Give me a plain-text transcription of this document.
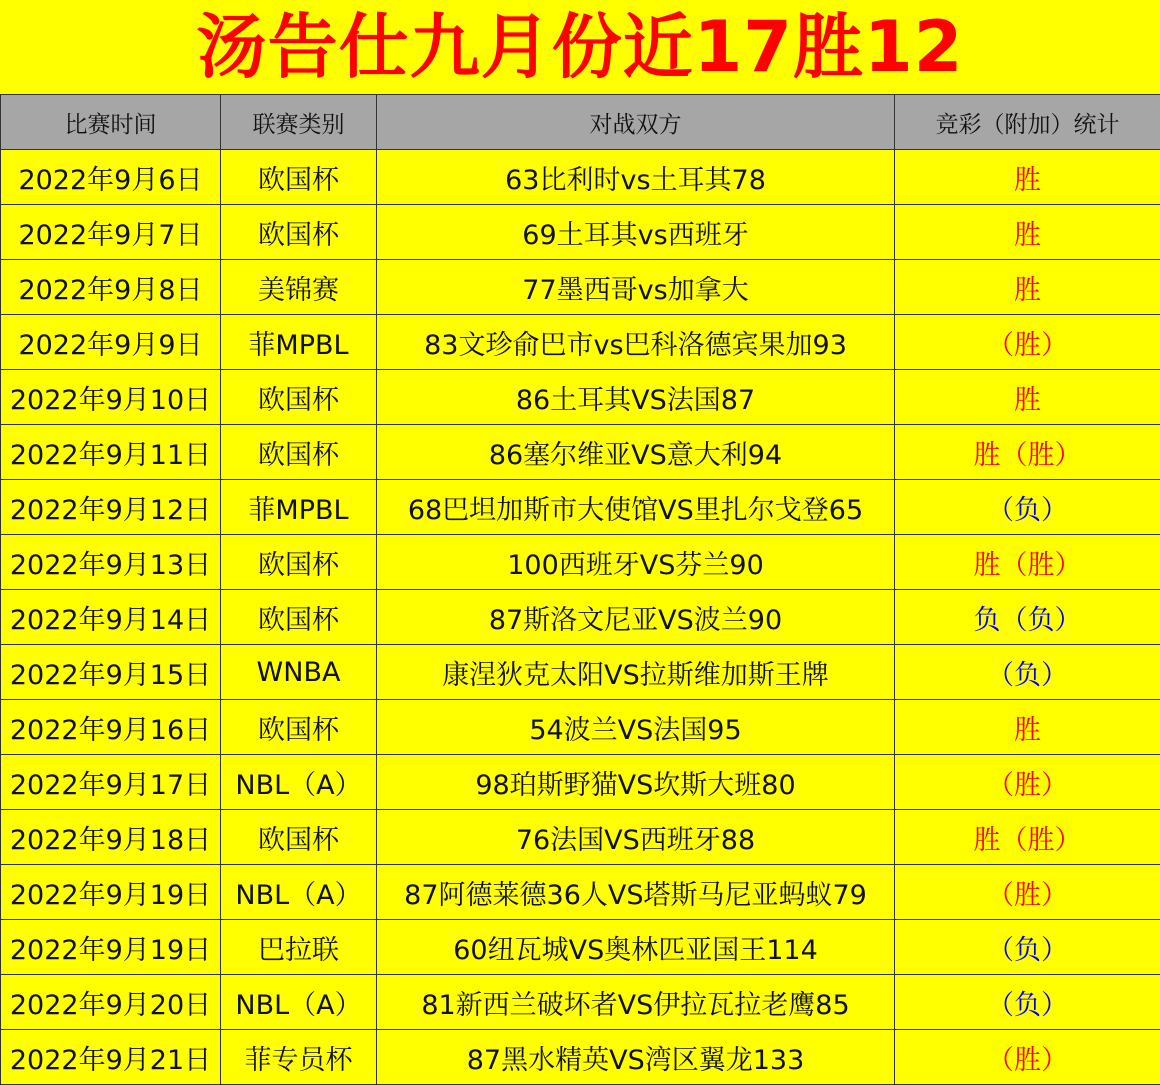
汤告仕九月份近17胜12
比赛时间	联赛类别	对战双方	竞彩（附加）统计
2022年9月6日	欧国杯	63比利时vs土耳其78	胜
2022年9月7日	欧国杯	69土耳其vs西班牙	胜
2022年9月8日	美锦赛	77墨西哥vs加拿大	胜
2022年9月9日	菲MPBL	83文珍俞巴市vs巴科洛德宾果加93	（胜）
2022年9月10日	欧国杯	86土耳其VS法国87	胜
2022年9月11日	欧国杯	86塞尔维亚VS意大利94	胜（胜）
2022年9月12日	菲MPBL	68巴坦加斯市大使馆VS里扎尔戈登65	（负）
2022年9月13日	欧国杯	100西班牙VS芬兰90	胜（胜）
2022年9月14日	欧国杯	87斯洛文尼亚VS波兰90	负（负）
2022年9月15日	WNBA	康涅狄克太阳VS拉斯维加斯王牌	（负）
2022年9月16日	欧国杯	54波兰VS法国95	胜
2022年9月17日	NBL（A）	98珀斯野猫VS坎斯大班80	（胜）
2022年9月18日	欧国杯	76法国VS西班牙88	胜（胜）
2022年9月19日	NBL（A）	87阿德莱德36人VS塔斯马尼亚蚂蚁79	（胜）
2022年9月19日	巴拉联	60纽瓦城VS奥林匹亚国王114	（负）
2022年9月20日	NBL（A）	81新西兰破坏者VS伊拉瓦拉老鹰85	（负）
2022年9月21日	菲专员杯	87黑水精英VS湾区翼龙133	（胜）
